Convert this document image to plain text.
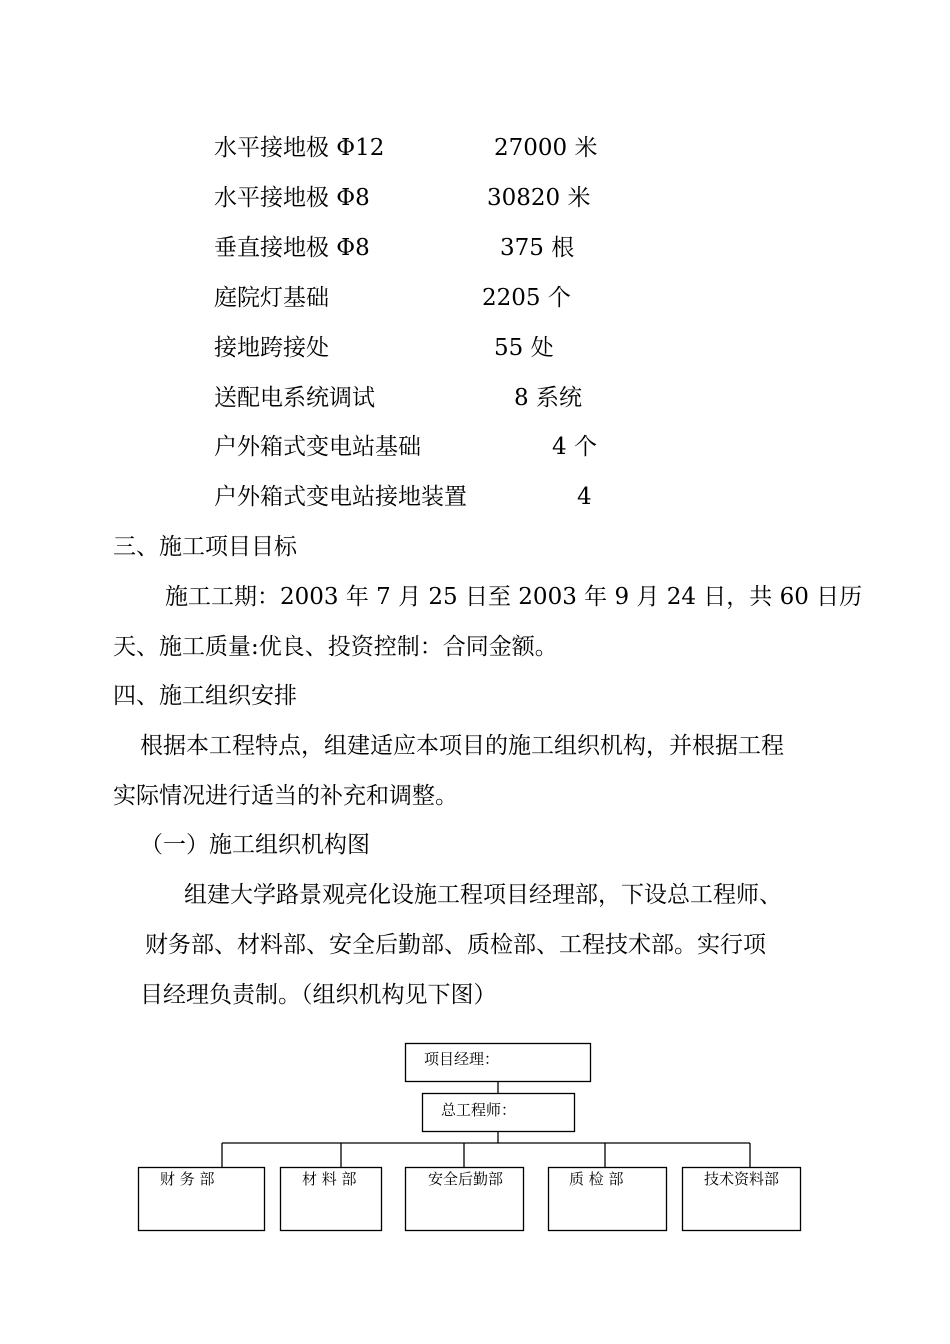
水平接地极 Φ12	27000 米
水平接地极 Φ8	30820 米
垂直接地极 Φ8	375 根
庭院灯基础	2205 个
接地跨接处	55 处
送配电系统调试	8 系统
户外箱式变电站基础	4 个
户外箱式变电站接地装置	4
三、施工项目目标
施工工期：2003 年 7 月 25 日至 2003 年 9 月 24 日，共 60 日历
天、施工质量:优良、投资控制：合同金额。
四、施工组织安排
根据本工程特点，组建适应本项目的施工组织机构，并根据工程
实际情况进行适当的补充和调整。
（一）施工组织机构图
组建大学路景观亮化设施工程项目经理部，下设总工程师、
财务部、材料部、安全后勤部、质检部、工程技术部。实行项
目经理负责制。（组织机构见下图）
项目经理：
总工程师：
财 务 部	材 料 部	安全后勤部	质 检 部	技术资料部
